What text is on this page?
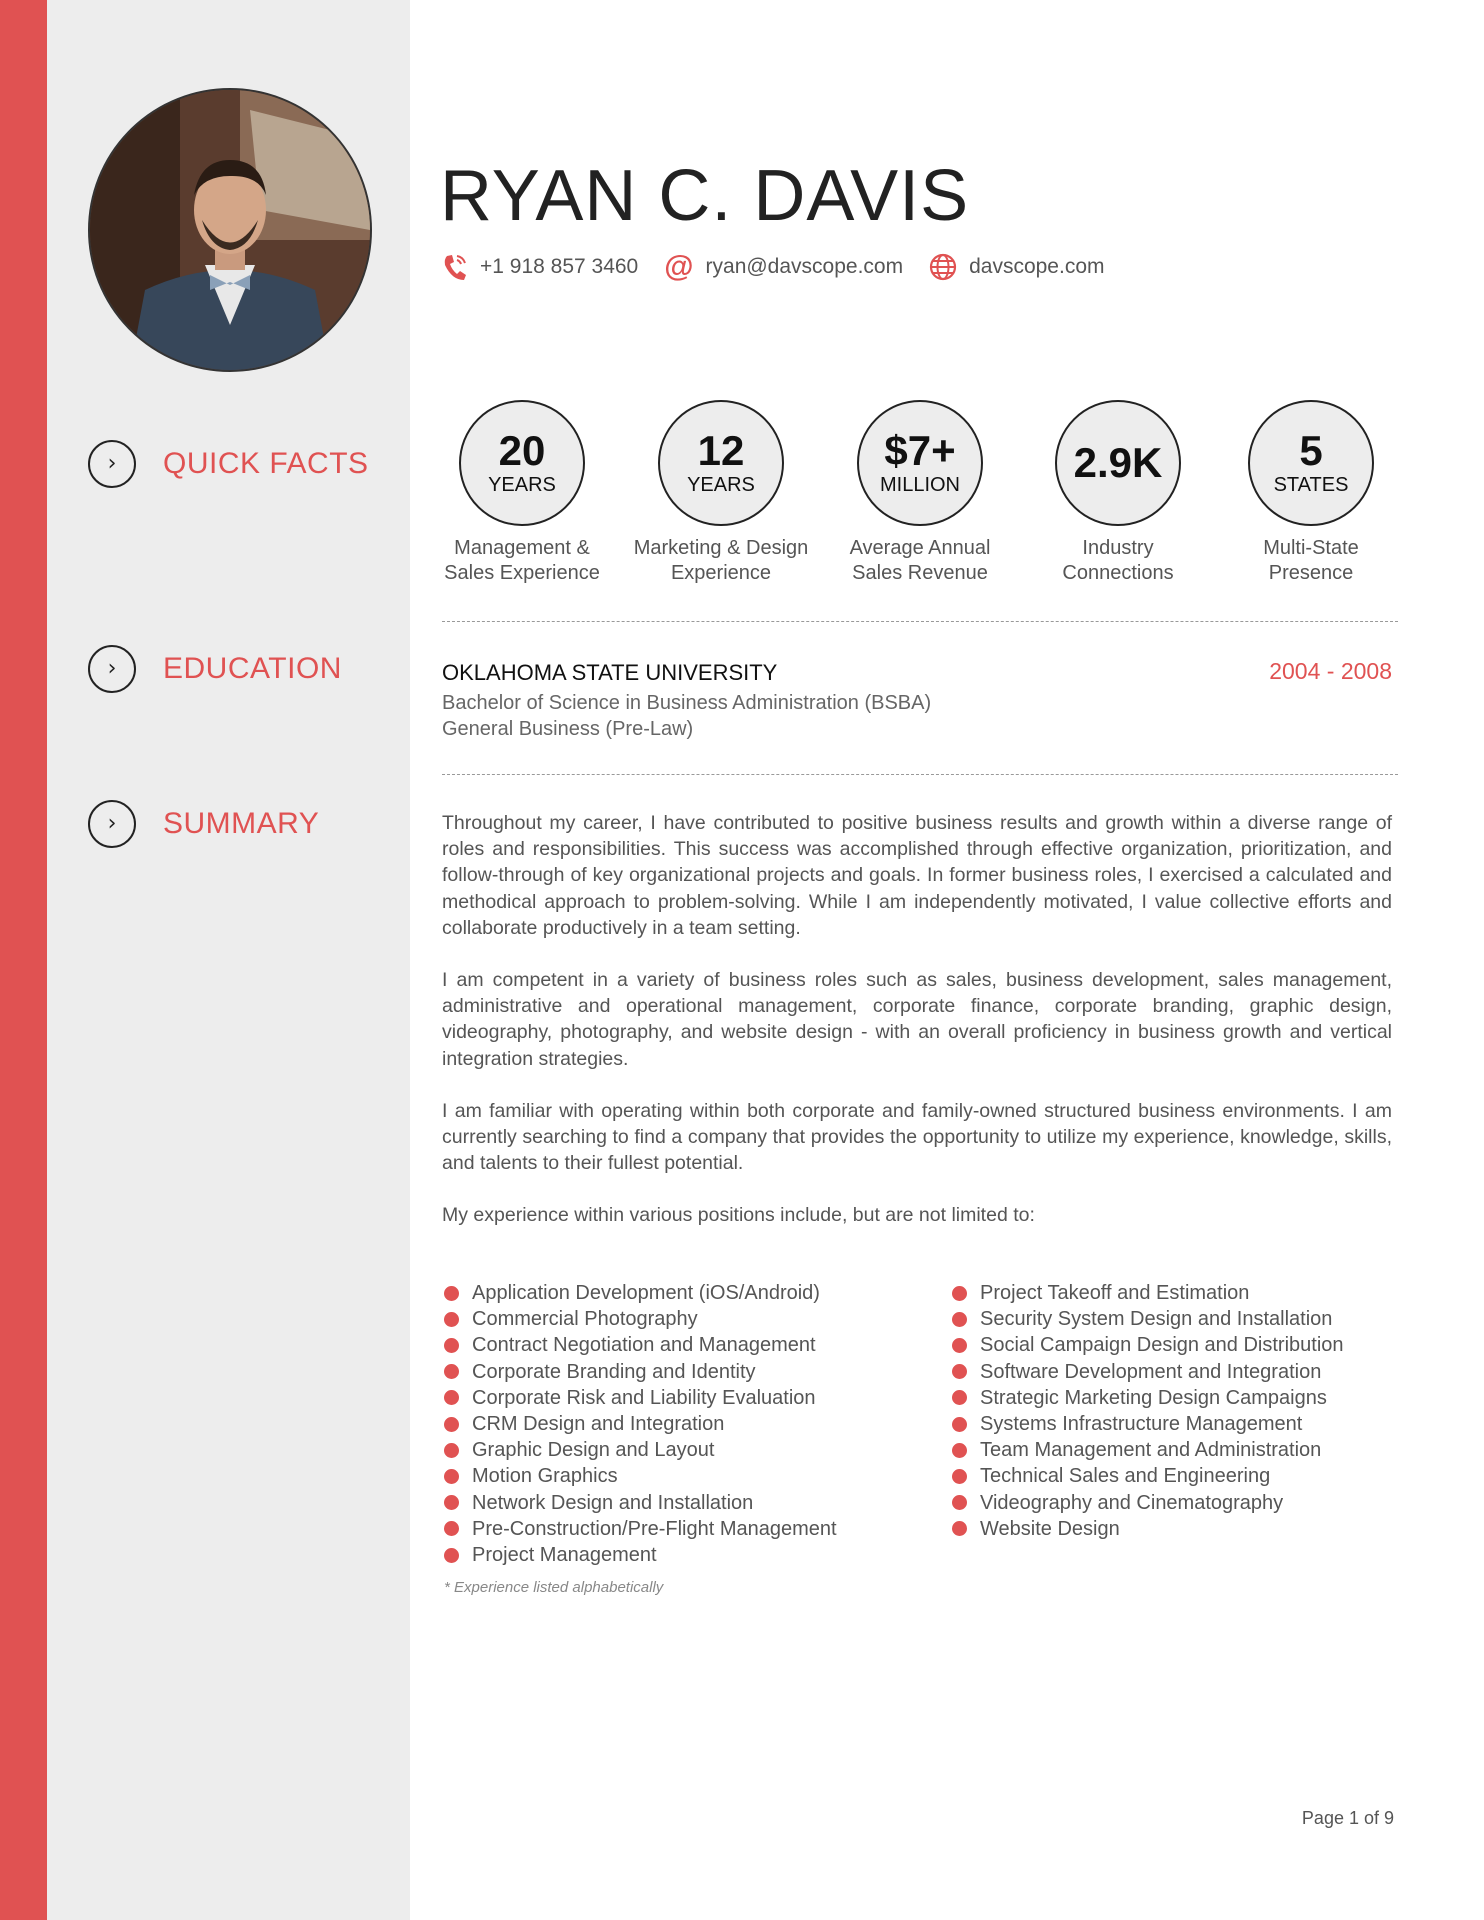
RYAN C. DAVIS
+1 918 857 3460 @ ryan@davscope.com	davscope.com
› QUICK FACTS	20
YEARS
Management &
Sales Experience
12
YEARS
Marketing & Design
Experience
$7+
MILLION
Average Annual
Sales Revenue
2.9K
Industry
Connections
5
STATES
Multi-State
Presence
› EDUCATION	OKLAHOMA STATE UNIVERSITY	2004 - 2008
Bachelor of Science in Business Administration (BSBA)
General Business (Pre-Law)
› SUMMARY	Throughout my career, I have contributed to positive business results and growth within a diverse range of roles and responsibilities. This success was accomplished through effective organization, prioritization, and follow-through of key organizational projects and goals. In former business roles, I exercised a calculated and methodical approach to problem-solving. While I am independently motivated, I value collective efforts and collaborate productively in a team setting.

I am competent in a variety of business roles such as sales, business development, sales management, administrative and operational management, corporate finance, corporate branding, graphic design, videography, photography, and website design - with an overall proficiency in business growth and vertical integration strategies.

I am familiar with operating within both corporate and family-owned structured business environments. I am currently searching to find a company that provides the opportunity to utilize my experience, knowledge, skills, and talents to their fullest potential.

My experience within various positions include, but are not limited to:

Application Development (iOS/Android)
Commercial Photography
Contract Negotiation and Management
Corporate Branding and Identity
Corporate Risk and Liability Evaluation
CRM Design and Integration
Graphic Design and Layout
Motion Graphics
Network Design and Installation
Pre-Construction/Pre-Flight Management
Project Management
Project Takeoff and Estimation
Security System Design and Installation
Social Campaign Design and Distribution
Software Development and Integration
Strategic Marketing Design Campaigns
Systems Infrastructure Management
Team Management and Administration
Technical Sales and Engineering
Videography and Cinematography
Website Design
* Experience listed alphabetically
Page 1 of 9
